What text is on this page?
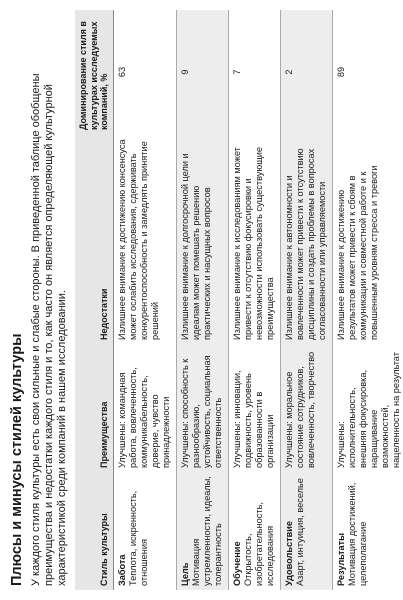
Плюсы и минусы стилей культуры У каждого стиля культуры есть свои сильные и слабые стороны. В приведенной таблице обобщены преимущества и недостатки каждого стиля и то, как часто он является определяющей культурной характеристикой среди компаний в нашем исследовании.	Стиль культуры	Преимущества	Недостатки	Доминирование стиля в культурах исследуемых компаний, %

Забота Теплота, искренность, отношения	Улучшены: командная работа, вовлеченность, коммуникабельность, доверие, чувство принадлежности	Излишнее внимание к достижению консенсуса может ослабить исследования, сдерживать конкурентоспособность и замедлять принятие решений	63

Цель Мотивация устремленности, идеалы, толерантность	Улучшены: способность к разнообразию, устойчивость, социальная ответственность	Излишнее внимание к долгосрочной цели и идеалам может помешать решению практических и насущных вопросов	9

Обучение Открытость, изобретательность, исследования	Улучшены: инновации, подвижность, уровень образованности в организации	Излишнее внимание к исследованиям может привести к отсутствию фокусировки и невозможности использовать существующие преимущества	7

Удовольствие Азарт, интуиция, веселье	Улучшены: моральное состояние сотрудников, вовлеченность, творчество	Излишнее внимание к автономности и вовлеченности может привести к отсутствию дисциплины и создать проблемы в вопросах согласованности или управляемости	2

Результаты Мотивация достижений, целеполагание	Улучшены: исполнительность, внешняя фокусировка, наращивание возможностей, нацеленность на результат	Излишнее внимание к достижению результатов может привести к сбоям в коммуникации и совместной работе и к повышенным уровням стресса и тревоги	89
